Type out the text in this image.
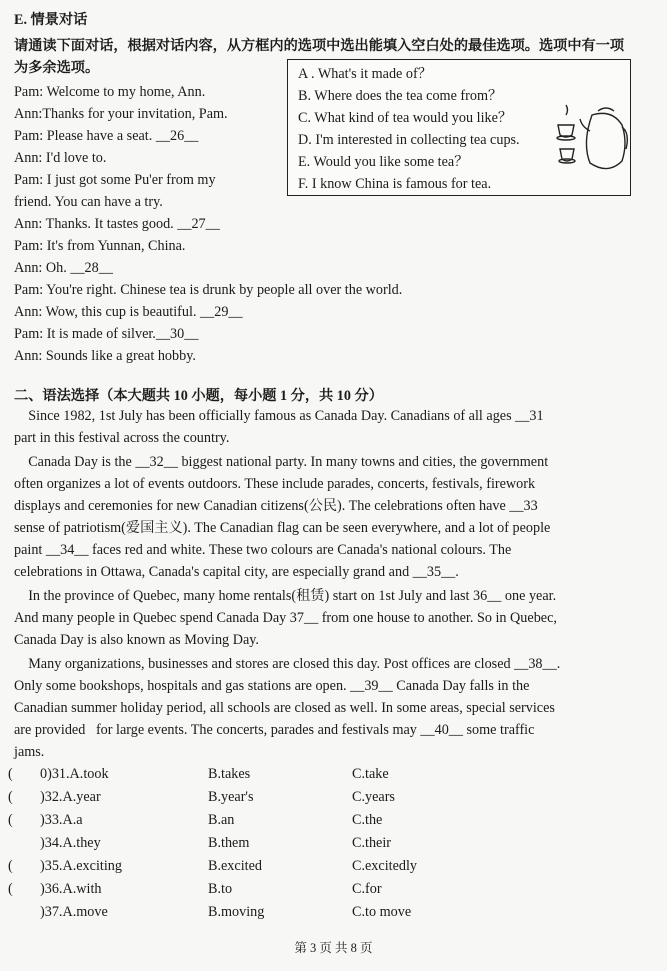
E. 情景对话
请通读下面对话，根据对话内容，从方框内的选项中选出能填入空白处的最佳选项。选项中有一项
为多余选项。
Pam: Welcome to my home, Ann.
Ann:Thanks for your invitation, Pam.
Pam: Please have a seat. __26__
Ann: I'd love to.
Pam: I just got some Pu'er from my
friend. You can have a try.
Ann: Thanks. It tastes good. __27__
Pam: It's from Yunnan, China.
Ann: Oh. __28__
Pam: You're right. Chinese tea is drunk by people all over the world.
Ann: Wow, this cup is beautiful. __29__
Pam: It is made of silver.__30__
Ann: Sounds like a great hobby.
A . What's it made of？
B. Where does the tea come from？
C. What kind of tea would you like？
D. I'm interested in collecting tea cups.
E. Would you like some tea？
F. I know China is famous for tea.
二、语法选择（本大题共 10 小题，每小题 1 分，共 10 分）
Since 1982, 1st July has been officially famous as Canada Day. Canadians of all ages __31
part in this festival across the country.
Canada Day is the __32__ biggest national party. In many towns and cities, the government
often organizes a lot of events outdoors. These include parades, concerts, festivals, firework
displays and ceremonies for new Canadian citizens(公民). The celebrations often have __33
sense of patriotism(爱国主义). The Canadian flag can be seen everywhere, and a lot of people
paint __34__ faces red and white. These two colours are Canada's national colours. The
celebrations in Ottawa, Canada's capital city, are especially grand and __35__.
In the province of Quebec, many home rentals(租赁) start on 1st July and last 36__ one year.
And many people in Quebec spend Canada Day 37__ from one house to another. So in Quebec,
Canada Day is also known as Moving Day.
Many organizations, businesses and stores are closed this day. Post offices are closed __38__.
Only some bookshops, hospitals and gas stations are open. __39__ Canada Day falls in the
Canadian summer holiday period, all schools are closed as well. In some areas, special services
are provided   for large events. The concerts, parades and festivals may __40__ some traffic
jams.
( 0)31.A.took	B.takes	C.take
( )32.A.year	B.year's	C.years
( )33.A.a	B.an	C.the
)34.A.they	B.them	C.their
( )35.A.exciting	B.excited	C.excitedly
( )36.A.with	B.to	C.for
)37.A.move	B.moving	C.to move
第 3 页 共 8 页
